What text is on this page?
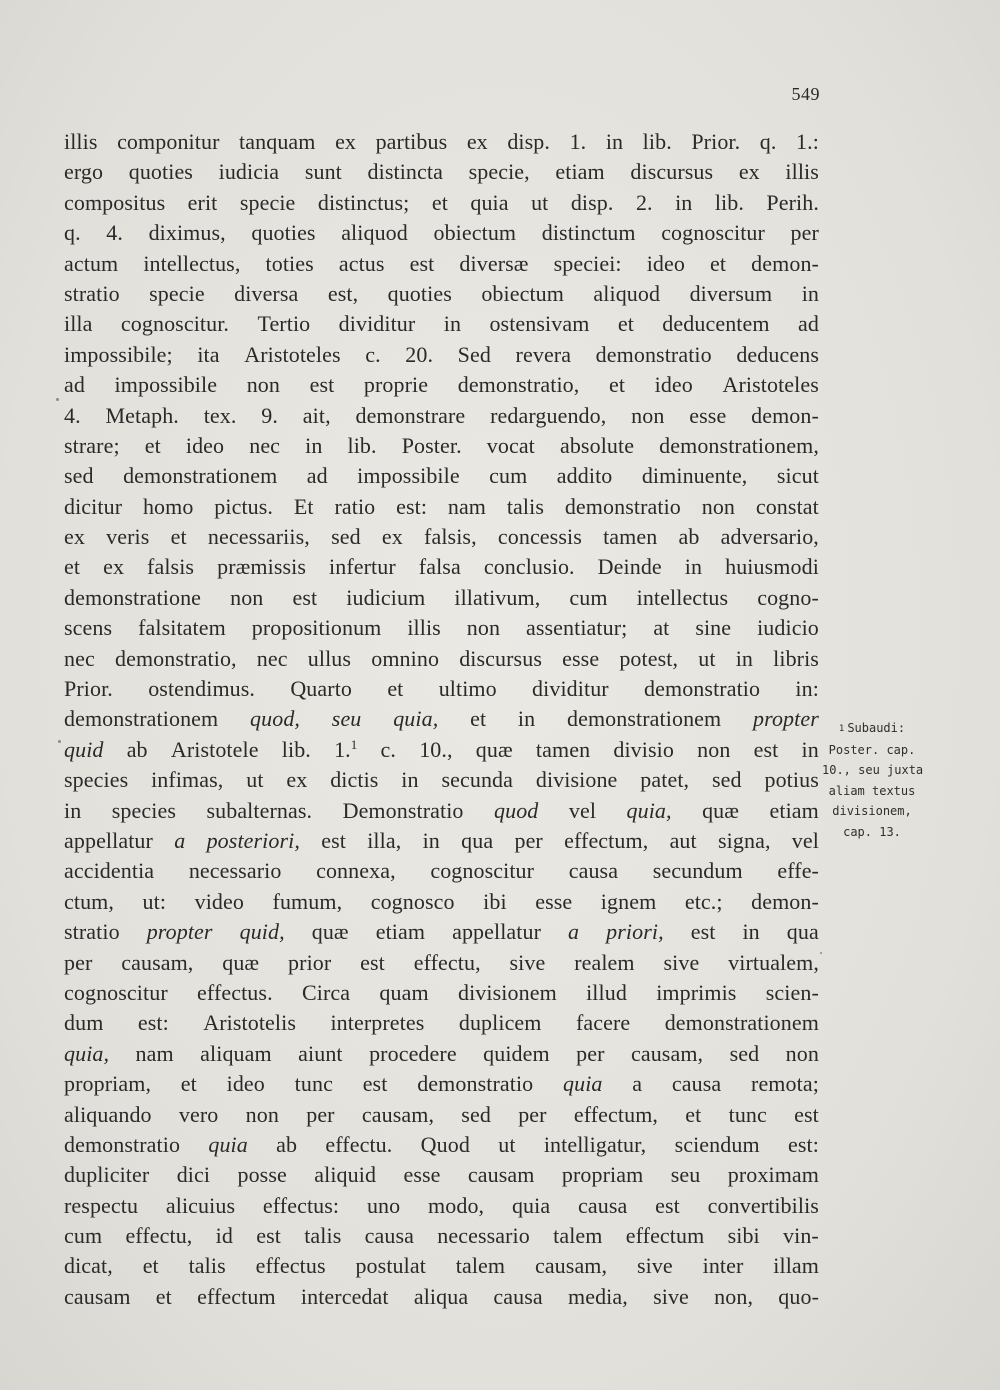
549
illis componitur tanquam ex partibus ex disp. 1. in lib. Prior. q. 1.:
ergo quoties iudicia sunt distincta specie, etiam discursus ex illis
compositus erit specie distinctus; et quia ut disp. 2. in lib. Perih.
q. 4. diximus, quoties aliquod obiectum distinctum cognoscitur per
actum intellectus, toties actus est diversæ speciei: ideo et demon-
stratio specie diversa est, quoties obiectum aliquod diversum in
illa cognoscitur. Tertio dividitur in ostensivam et deducentem ad
impossibile; ita Aristoteles c. 20. Sed revera demonstratio deducens
ad impossibile non est proprie demonstratio, et ideo Aristoteles
4. Metaph. tex. 9. ait, demonstrare redarguendo, non esse demon-
strare; et ideo nec in lib. Poster. vocat absolute demonstrationem,
sed demonstrationem ad impossibile cum addito diminuente, sicut
dicitur homo pictus. Et ratio est: nam talis demonstratio non constat
ex veris et necessariis, sed ex falsis, concessis tamen ab adversario,
et ex falsis præmissis infertur falsa conclusio. Deinde in huiusmodi
demonstratione non est iudicium illativum, cum intellectus cogno-
scens falsitatem propositionum illis non assentiatur; at sine iudicio
nec demonstratio, nec ullus omnino discursus esse potest, ut in libris
Prior. ostendimus. Quarto et ultimo dividitur demonstratio in:
demonstrationem quod, seu quia, et in demonstrationem propter
quid ab Aristotele lib. 1.$^1$ c. 10., quæ tamen divisio non est in
species infimas, ut ex dictis in secunda divisione patet, sed potius
in species subalternas. Demonstratio quod vel quia, quæ etiam
appellatur a posteriori, est illa, in qua per effectum, aut signa, vel
accidentia necessario connexa, cognoscitur causa secundum effe-
ctum, ut: video fumum, cognosco ibi esse ignem etc.; demon-
stratio propter quid, quæ etiam appellatur a priori, est in qua
per causam, quæ prior est effectu, sive realem sive virtualem,
cognoscitur effectus. Circa quam divisionem illud imprimis scien-
dum est: Aristotelis interpretes duplicem facere demonstrationem
quia, nam aliquam aiunt procedere quidem per causam, sed non
propriam, et ideo tunc est demonstratio quia a causa remota;
aliquando vero non per causam, sed per effectum, et tunc est
demonstratio quia ab effectu. Quod ut intelligatur, sciendum est:
dupliciter dici posse aliquid esse causam propriam seu proximam
respectu alicuius effectus: uno modo, quia causa est convertibilis
cum effectu, id est talis causa necessario talem effectum sibi vin-
dicat, et talis effectus postulat talem causam, sive inter illam
causam et effectum intercedat aliqua causa media, sive non, quo-
1 Subaudi:
Poster. cap.
10., seu juxta
aliam textus
divisionem,
cap. 13.
